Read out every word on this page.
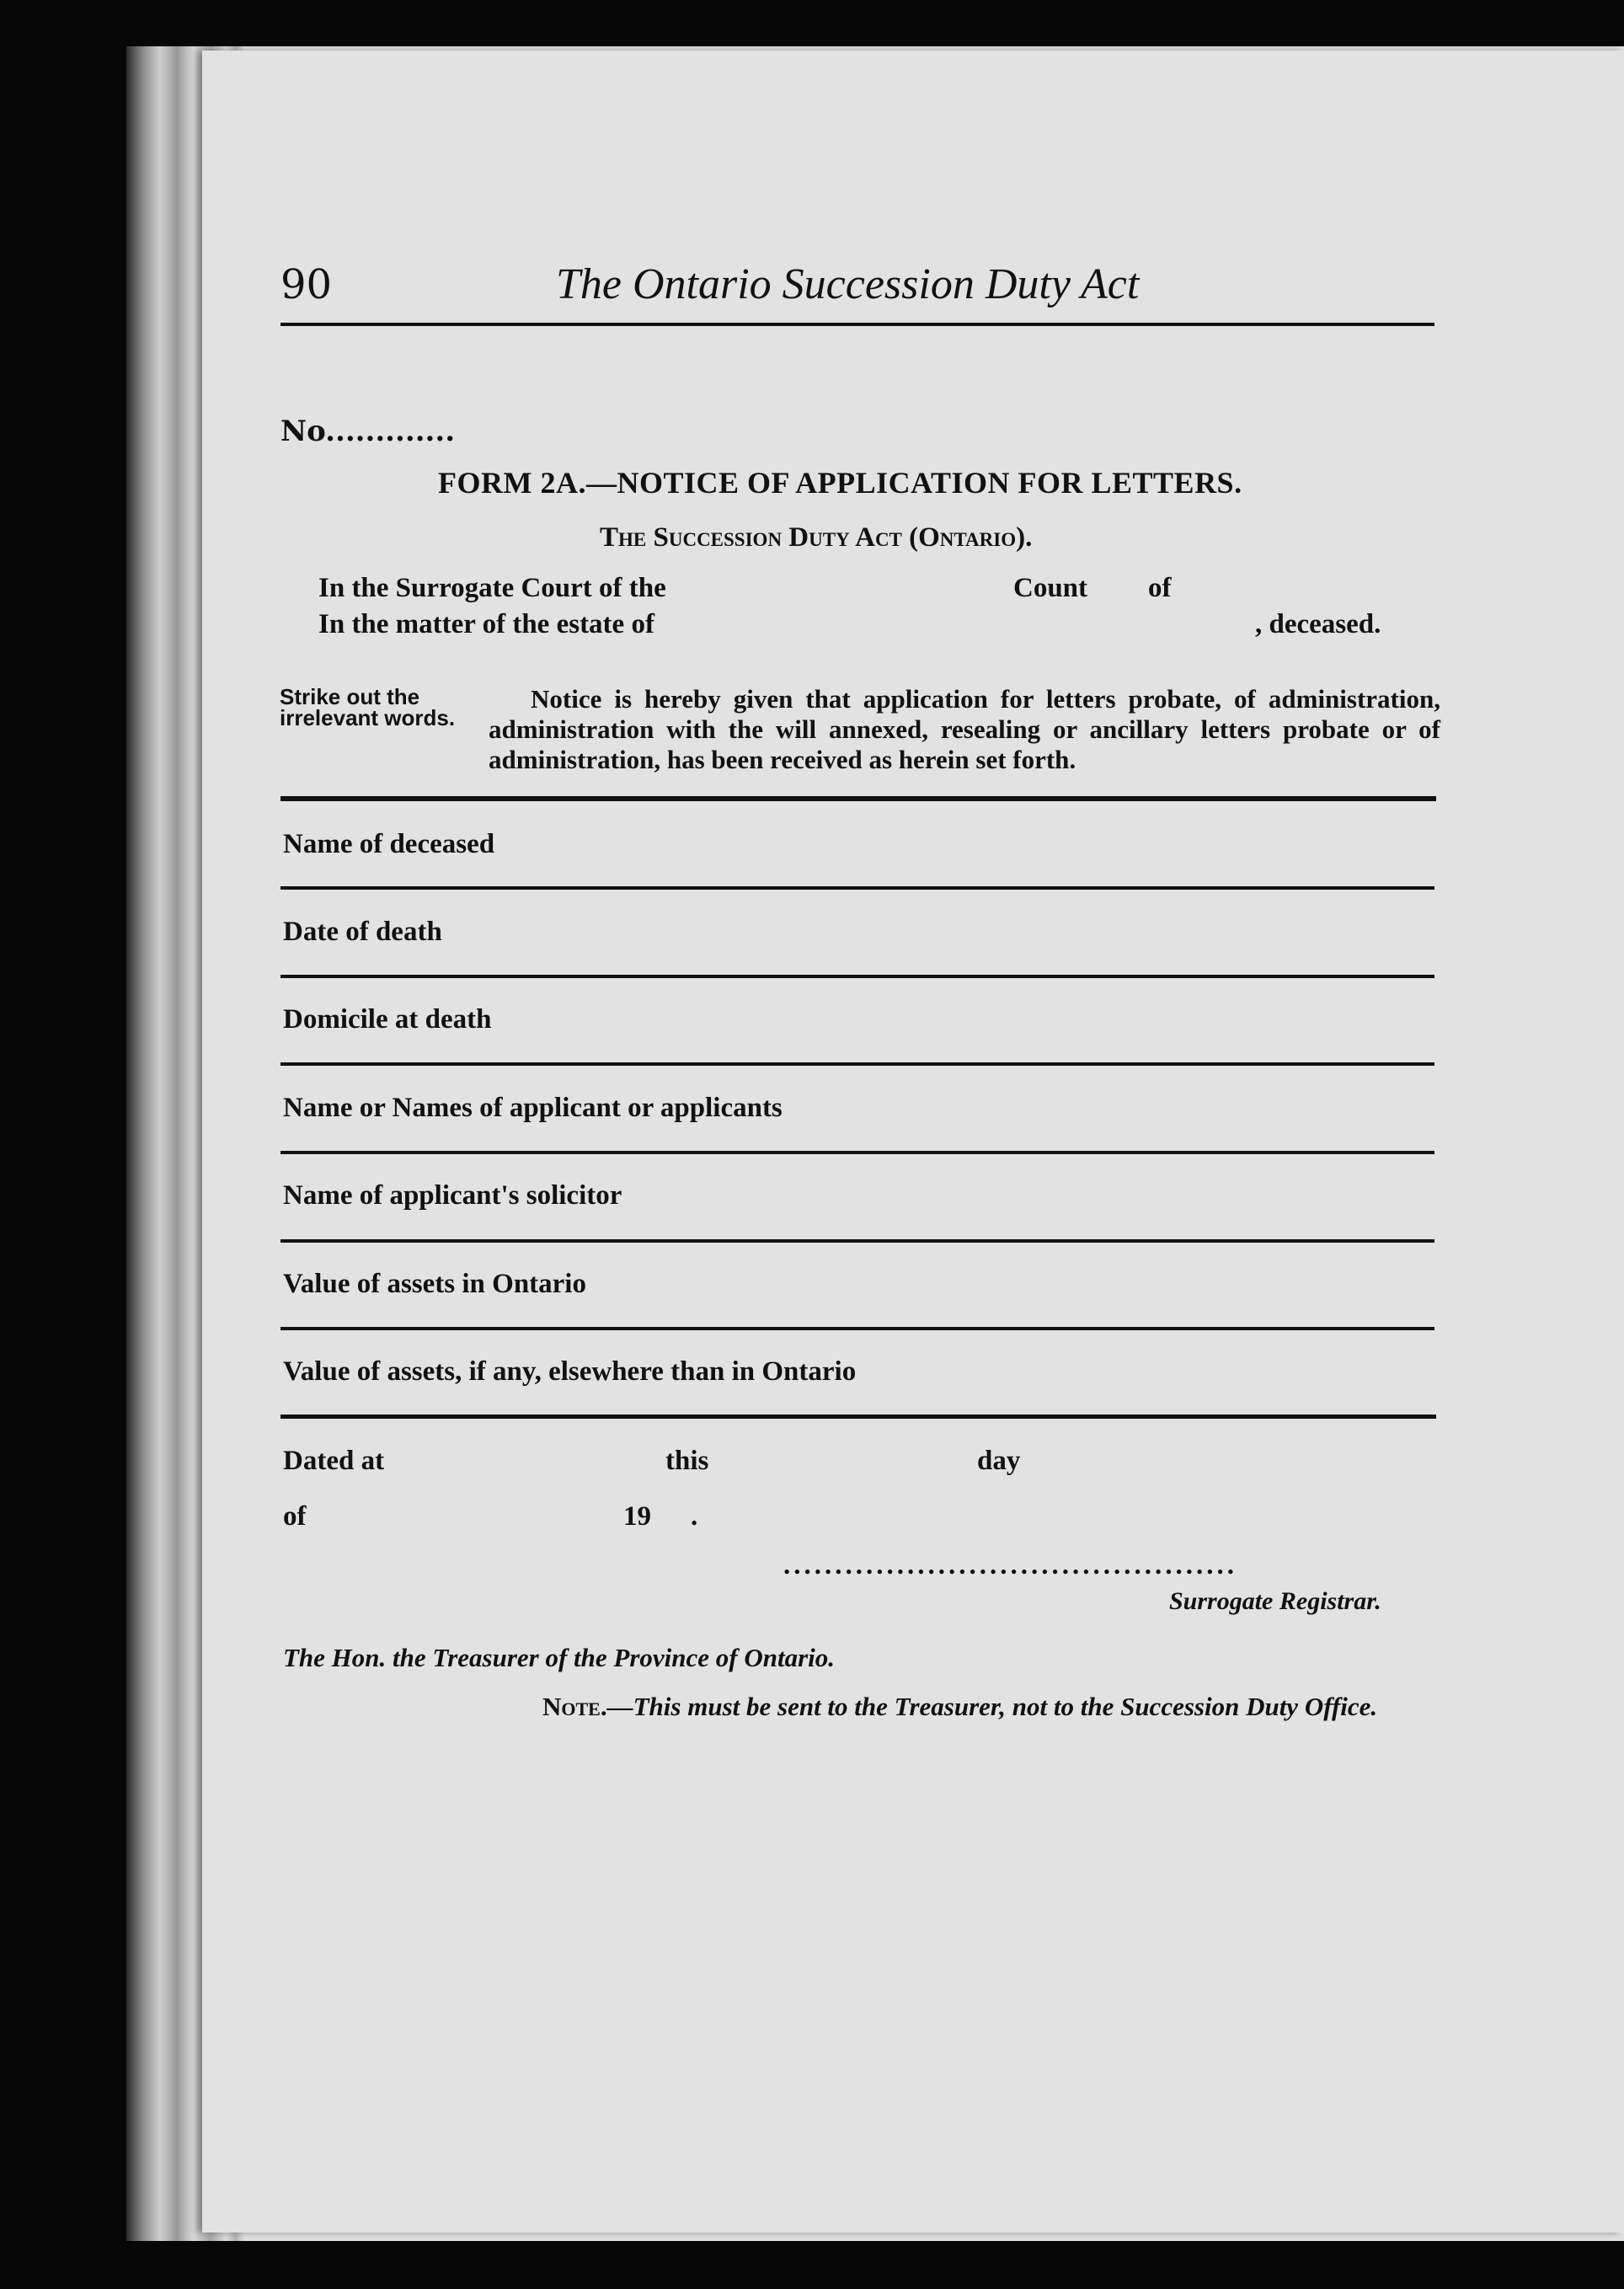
90	The Ontario Succession Duty Act
No.............
FORM 2A.—NOTICE OF APPLICATION FOR LETTERS.
The Succession Duty Act (Ontario).
In the Surrogate Court of the	Count of
In the matter of the estate of	, deceased.
Strike out the irrelevant words.
Notice is hereby given that application for letters probate, of administration, administration with the will annexed, resealing or ancillary letters probate or of administration, has been received as herein set forth.
Name of deceased
Date of death
Domicile at death
Name or Names of applicant or applicants
Name of applicant's solicitor
Value of assets in Ontario
Value of assets, if any, elsewhere than in Ontario
Dated at	this	day
of	19 .
............................................
Surrogate Registrar.
The Hon. the Treasurer of the Province of Ontario.
Note.—This must be sent to the Treasurer, not to the Succession Duty Office.
